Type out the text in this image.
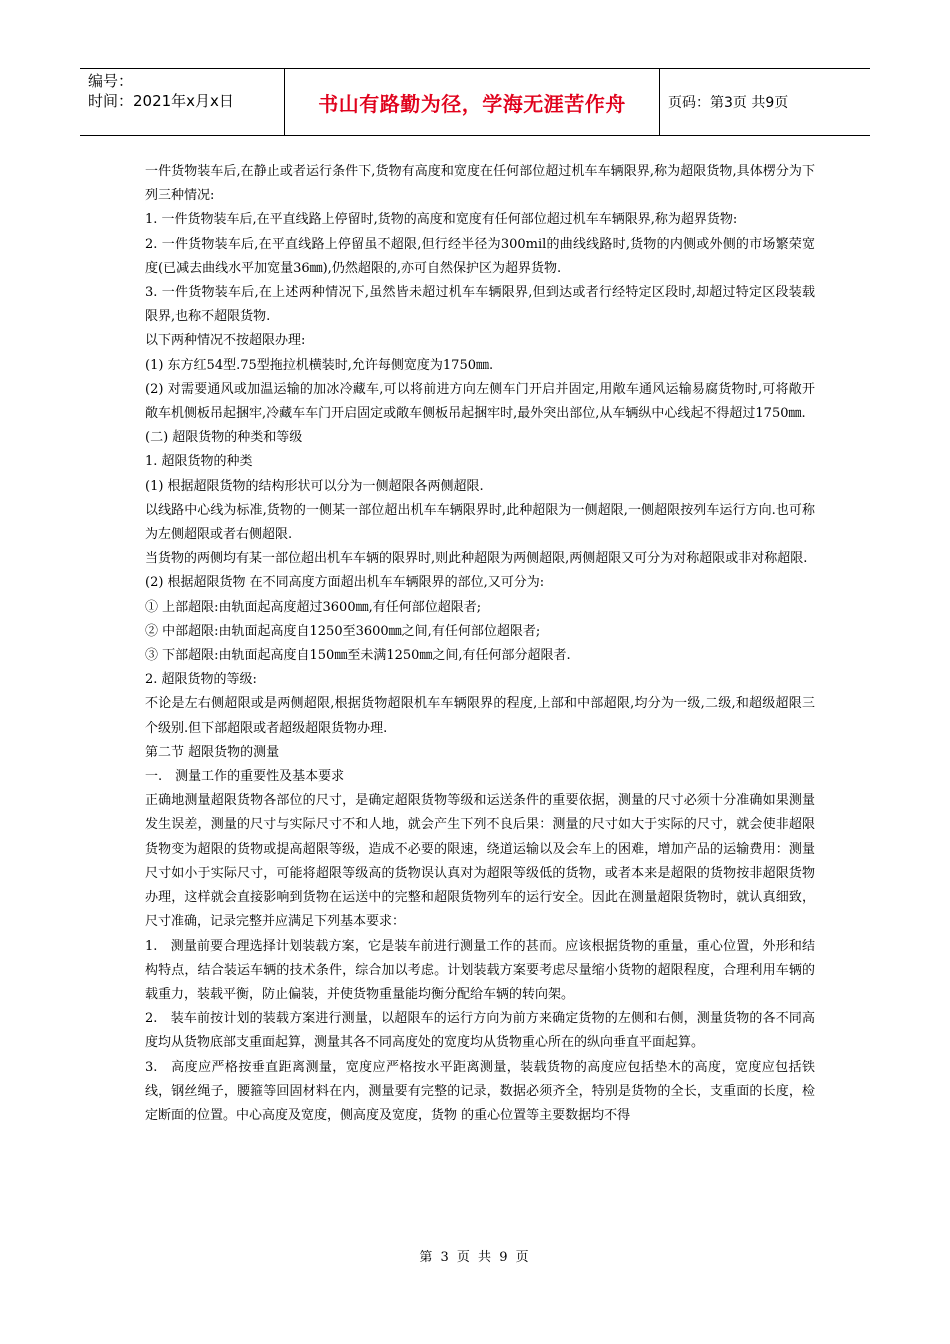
编号：
时间：2021年x月x日	书山有路勤为径，学海无涯苦作舟	页码：第3页 共9页

一件货物装车后,在静止或者运行条件下,货物有高度和宽度在任何部位超过机车车辆限界,称为超限货物,具体楞分为下列三种情况:

1. 一件货物装车后,在平直线路上停留时,货物的高度和宽度有任何部位超过机车车辆限界,称为超界货物:

2. 一件货物装车后,在平直线路上停留虽不超限,但行经半径为300mil的曲线线路时,货物的内侧或外侧的市场繁荣宽度(已减去曲线水平加宽量36㎜),仍然超限的,亦可自然保护区为超界货物.

3. 一件货物装车后,在上述两种情况下,虽然皆未超过机车车辆限界,但到达或者行经特定区段时,却超过特定区段装载限界,也称不超限货物.

以下两种情况不按超限办理:

(1) 东方红54型.75型拖拉机横装时,允许每侧宽度为1750㎜.

(2) 对需要通风或加温运输的加冰冷藏车,可以将前进方向左侧车门开启并固定,用敞车通风运输易腐货物时,可将敞开敞车机侧板吊起捆牢,冷藏车车门开启固定或敞车侧板吊起捆牢时,最外突出部位,从车辆纵中心线起不得超过1750㎜.

(二) 超限货物的种类和等级

1. 超限货物的种类

(1) 根据超限货物的结构形状可以分为一侧超限各两侧超限.

以线路中心线为标准,货物的一侧某一部位超出机车车辆限界时,此种超限为一侧超限,一侧超限按列车运行方向.也可称为左侧超限或者右侧超限.

当货物的两侧均有某一部位超出机车车辆的限界时,则此种超限为两侧超限,两侧超限又可分为对称超限或非对称超限.

(2) 根据超限货物 在不同高度方面超出机车车辆限界的部位,又可分为:

① 上部超限:由轨面起高度超过3600㎜,有任何部位超限者;

② 中部超限:由轨面起高度自1250至3600㎜之间,有任何部位超限者;

③ 下部超限:由轨面起高度自150㎜至未满1250㎜之间,有任何部分超限者.

2. 超限货物的等级:

不论是左右侧超限或是两侧超限,根据货物超限机车车辆限界的程度,上部和中部超限,均分为一级,二级,和超级超限三个级别.但下部超限或者超级超限货物办理.

第二节 超限货物的测量

一.　测量工作的重要性及基本要求

正确地测量超限货物各部位的尺寸，是确定超限货物等级和运送条件的重要依据，测量的尺寸必须十分准确如果测量发生误差，测量的尺寸与实际尺寸不和人地，就会产生下列不良后果：测量的尺寸如大于实际的尺寸，就会使非超限货物变为超限的货物或提高超限等级，造成不必要的限速，绕道运输以及会车上的困难，增加产品的运输费用：测量尺寸如小于实际尺寸，可能将超限等级高的货物误认真对为超限等级低的货物，或者本来是超限的货物按非超限货物办理，这样就会直接影响到货物在运送中的完整和超限货物列车的运行安全。因此在测量超限货物时，就认真细致，尺寸准确，记录完整并应满足下列基本要求：

1.　测量前要合理选择计划装载方案，它是装车前进行测量工作的甚而。应该根据货物的重量，重心位置，外形和结构特点，结合装运车辆的技术条件，综合加以考虑。计划装载方案要考虑尽量缩小货物的超限程度，合理利用车辆的载重力，装载平衡，防止偏装，并使货物重量能均衡分配给车辆的转向架。

2.　装车前按计划的装载方案进行测量，以超限车的运行方向为前方来确定货物的左侧和右侧，测量货物的各不同高度均从货物底部支重面起算，测量其各不同高度处的宽度均从货物重心所在的纵向垂直平面起算。

3.　高度应严格按垂直距离测量，宽度应严格按水平距离测量，装载货物的高度应包括垫木的高度，宽度应包括铁线，钢丝绳子，腰箍等回固材料在内，测量要有完整的记录，数据必须齐全，特别是货物的全长，支重面的长度，检定断面的位置。中心高度及宽度，侧高度及宽度，货物 的重心位置等主要数据均不得

第 3 页 共 9 页
